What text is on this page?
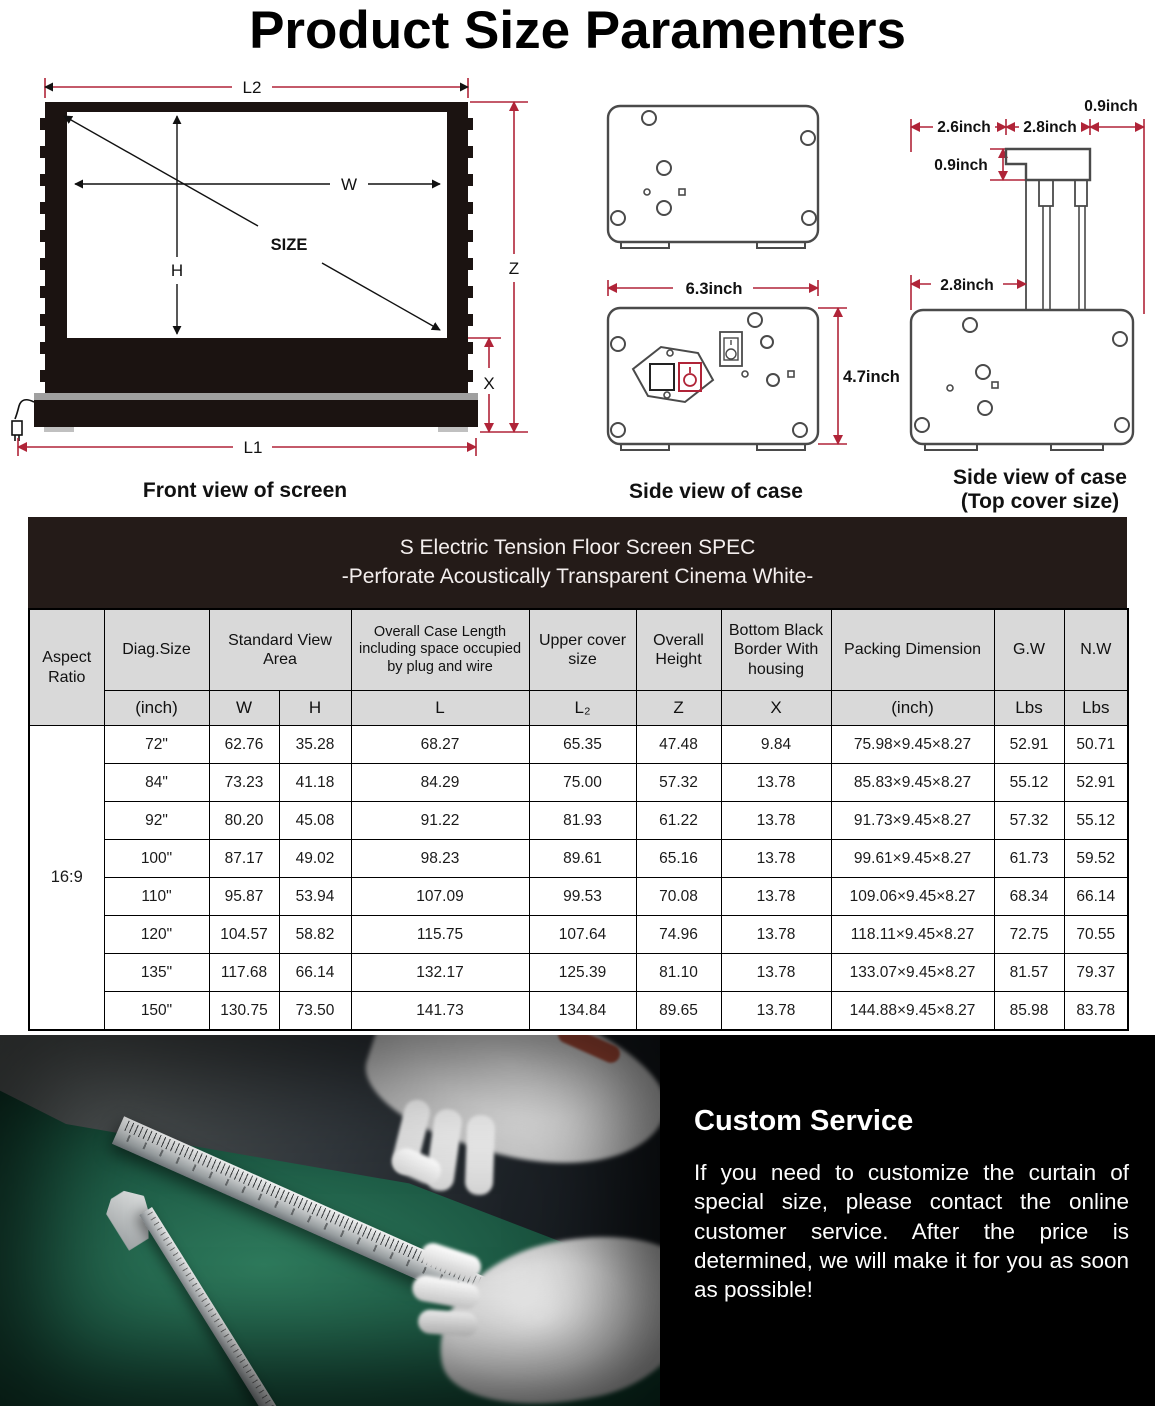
Product Size Paramenters
L2
W
H
SIZE
Z
X
L1
Front view of screen
6.3inch
4.7inch
Side view of case
0.9inch
2.6inch 2.8inch
0.9inch
2.8inch
Side view of case
(Top cover size)
S Electric Tension Floor Screen SPEC
-Perforate Acoustically Transparent Cinema White-
Aspect Ratio	Diag.Size	Standard View Area		Overall Case Length including space occupied by plug and wire	Upper cover size	Overall Height	Bottom Black Border With housing	Packing Dimension	G.W	N.W
	(inch)	W	H	L	L₂	Z	X	(inch)	Lbs	Lbs
16:9	72"	62.76	35.28	68.27	65.35	47.48	9.84	75.98×9.45×8.27	52.91	50.71
	84"	73.23	41.18	84.29	75.00	57.32	13.78	85.83×9.45×8.27	55.12	52.91
	92"	80.20	45.08	91.22	81.93	61.22	13.78	91.73×9.45×8.27	57.32	55.12
	100"	87.17	49.02	98.23	89.61	65.16	13.78	99.61×9.45×8.27	61.73	59.52
	110"	95.87	53.94	107.09	99.53	70.08	13.78	109.06×9.45×8.27	68.34	66.14
	120"	104.57	58.82	115.75	107.64	74.96	13.78	118.11×9.45×8.27	72.75	70.55
	135"	117.68	66.14	132.17	125.39	81.10	13.78	133.07×9.45×8.27	81.57	79.37
	150"	130.75	73.50	141.73	134.84	89.65	13.78	144.88×9.45×8.27	85.98	83.78
Custom Service

If you need to customize the curtain of special size, please contact the online customer service. After the price is determined, we will make it for you as soon as possible!
